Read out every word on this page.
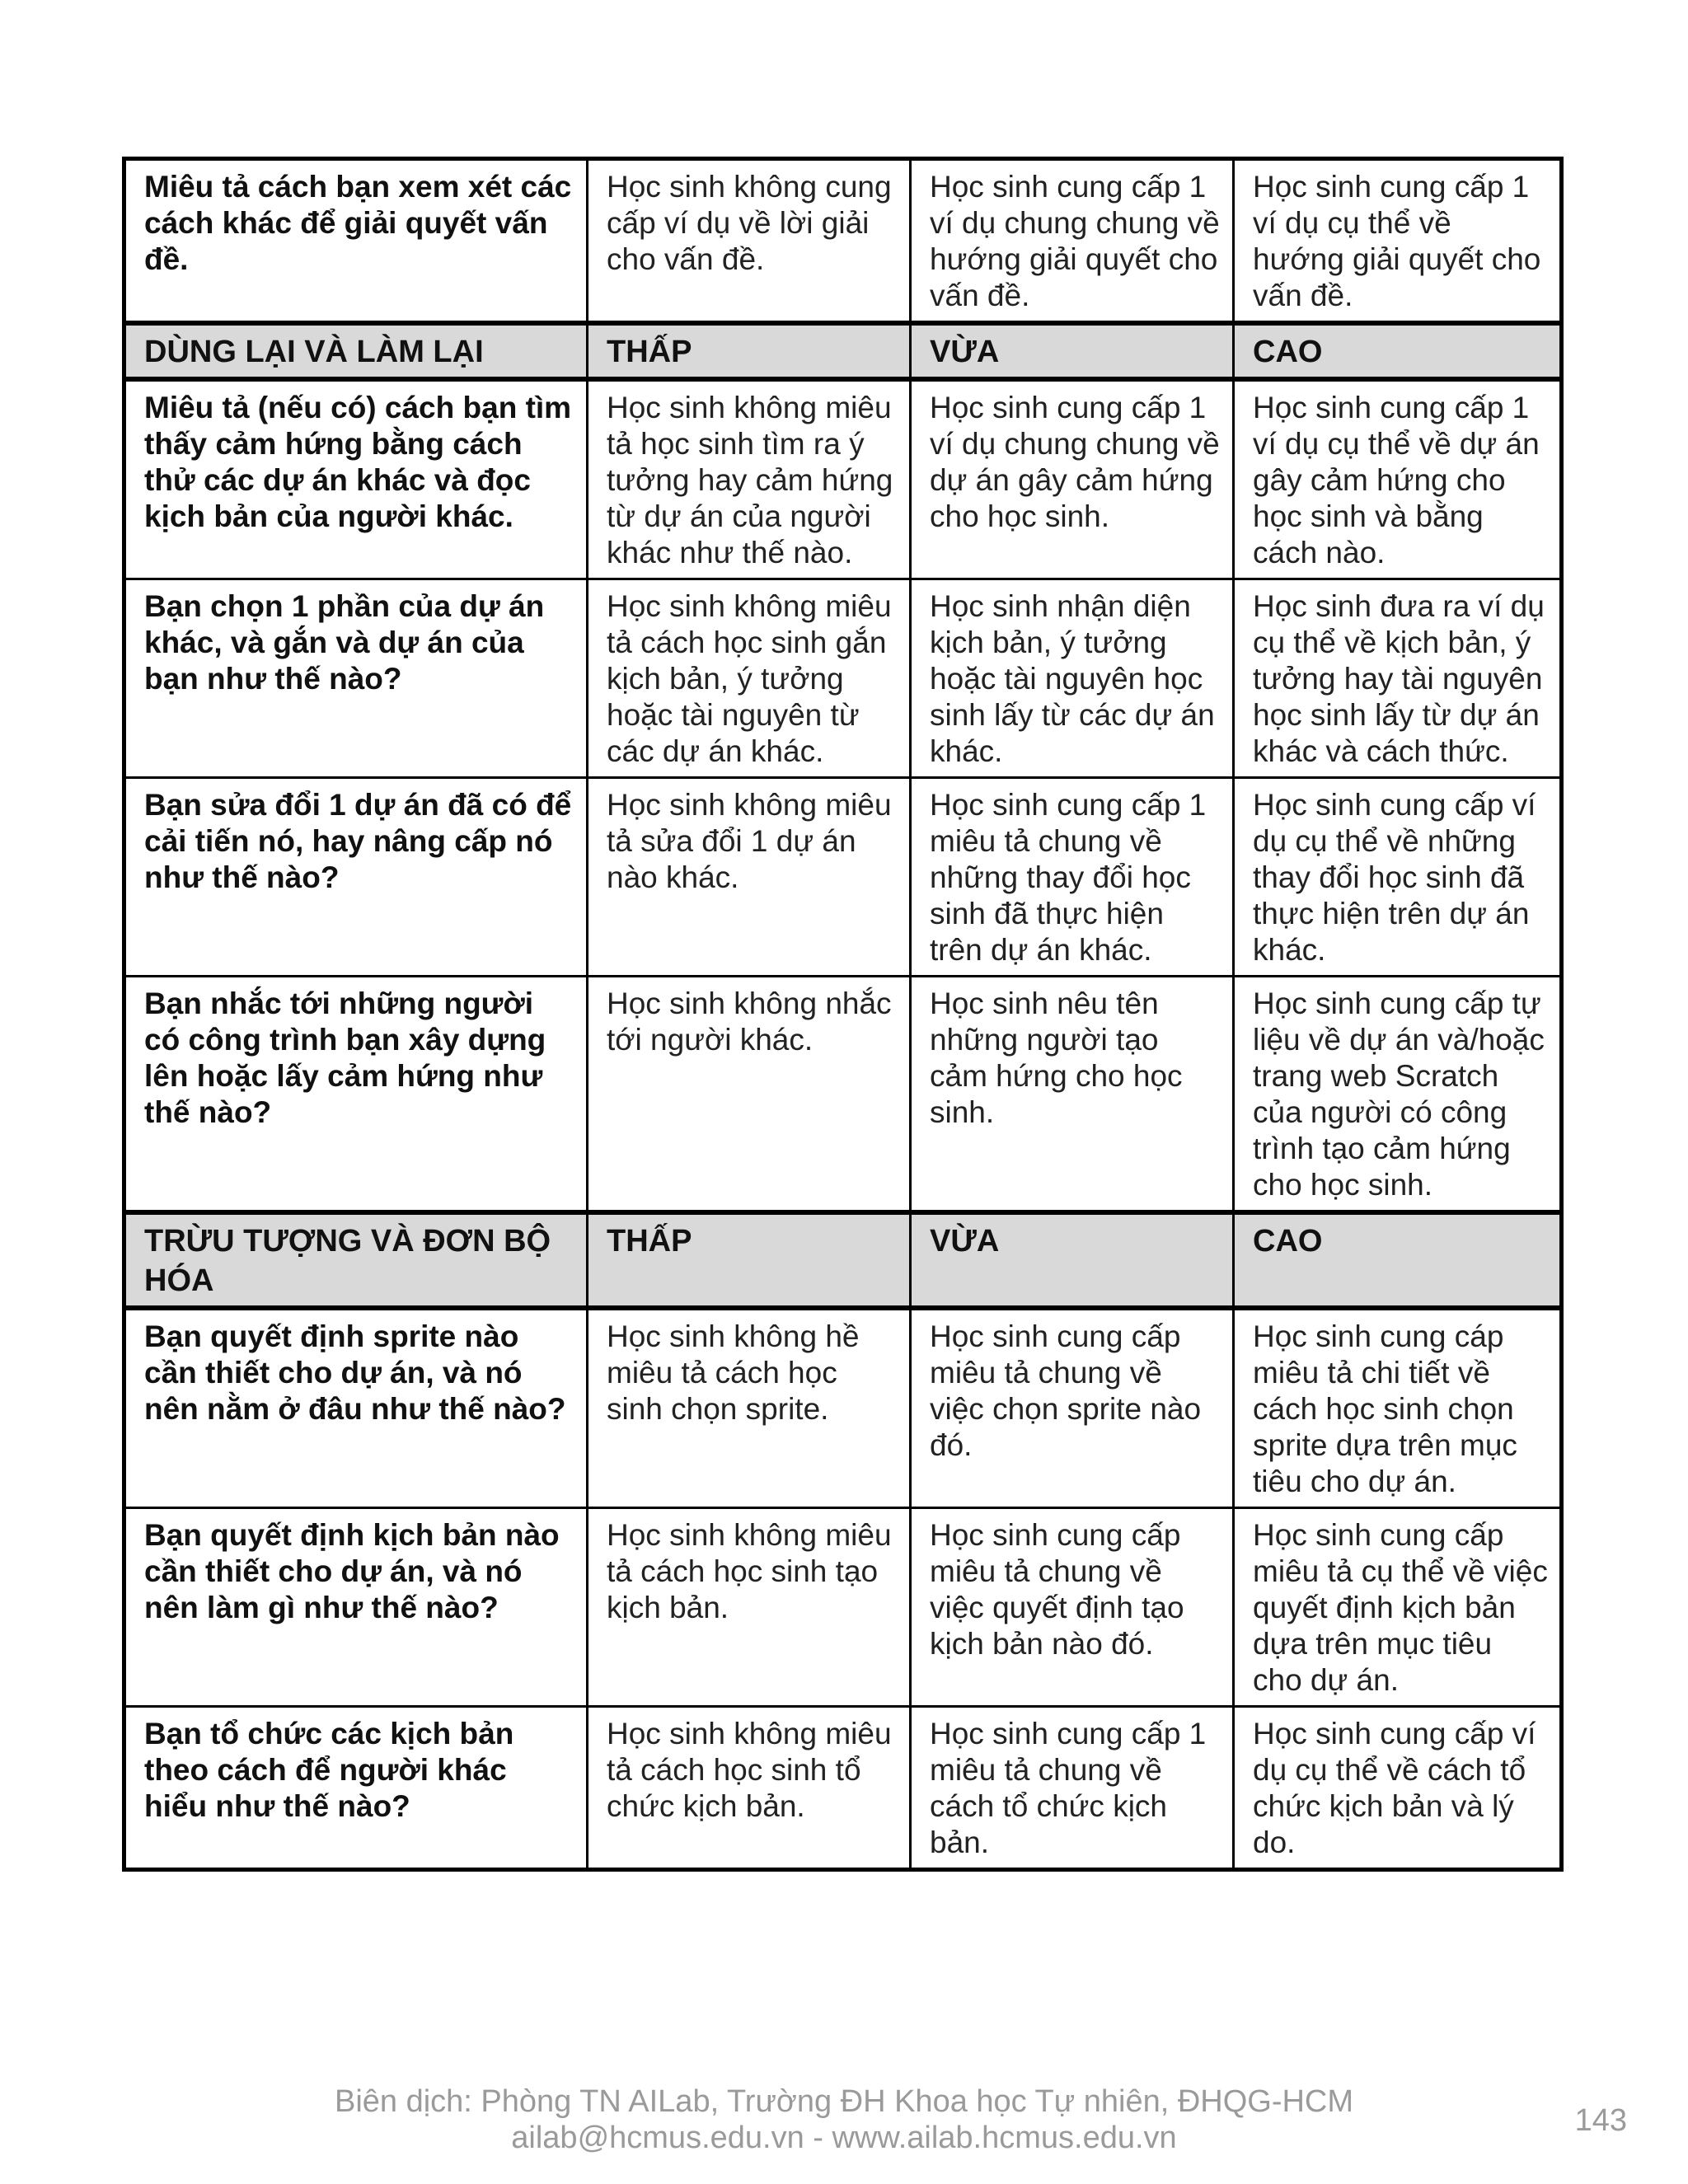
Miêu tả cách bạn xem xét các cách khác để giải quyết vấn đề.	Học sinh không cung cấp ví dụ về lời giải cho vấn đề.	Học sinh cung cấp 1 ví dụ chung chung về hướng giải quyết cho vấn đề.	Học sinh cung cấp 1 ví dụ cụ thể về hướng giải quyết cho vấn đề.
DÙNG LẠI VÀ LÀM LẠI	THẤP	VỪA	CAO
Miêu tả (nếu có) cách bạn tìm thấy cảm hứng bằng cách thử các dự án khác và đọc kịch bản của người khác.	Học sinh không miêu tả học sinh tìm ra ý tưởng hay cảm hứng từ dự án của người khác như thế nào.	Học sinh cung cấp 1 ví dụ chung chung về dự án gây cảm hứng cho học sinh.	Học sinh cung cấp 1 ví dụ cụ thể về dự án gây cảm hứng cho học sinh và bằng cách nào.
Bạn chọn 1 phần của dự án khác, và gắn và dự án của bạn như thế nào?	Học sinh không miêu tả cách học sinh gắn kịch bản, ý tưởng hoặc tài nguyên từ các dự án khác.	Học sinh nhận diện kịch bản, ý tưởng hoặc tài nguyên học sinh lấy từ các dự án khác.	Học sinh đưa ra ví dụ cụ thể về kịch bản, ý tưởng hay tài nguyên học sinh lấy từ dự án khác và cách thức.
Bạn sửa đổi 1 dự án đã có để cải tiến nó, hay nâng cấp nó như thế nào?	Học sinh không miêu tả sửa đổi 1 dự án nào khác.	Học sinh cung cấp 1 miêu tả chung về những thay đổi học sinh đã thực hiện trên dự án khác.	Học sinh cung cấp ví dụ cụ thể về những thay đổi học sinh đã thực hiện trên dự án khác.
Bạn nhắc tới những người có công trình bạn xây dựng lên hoặc lấy cảm hứng như thế nào?	Học sinh không nhắc tới người khác.	Học sinh nêu tên những người tạo cảm hứng cho học sinh.	Học sinh cung cấp tự liệu về dự án và/hoặc trang web Scratch của người có công trình tạo cảm hứng cho học sinh.
TRỪU TƯỢNG VÀ ĐƠN BỘ HÓA	THẤP	VỪA	CAO
Bạn quyết định sprite nào cần thiết cho dự án, và nó nên nằm ở đâu như thế nào?	Học sinh không hề miêu tả cách học sinh chọn sprite.	Học sinh cung cấp miêu tả chung về việc chọn sprite nào đó.	Học sinh cung cáp miêu tả chi tiết về cách học sinh chọn sprite dựa trên mục tiêu cho dự án.
Bạn quyết định kịch bản nào cần thiết cho dự án, và nó nên làm gì như thế nào?	Học sinh không miêu tả cách học sinh tạo kịch bản.	Học sinh cung cấp miêu tả chung về việc quyết định tạo kịch bản nào đó.	Học sinh cung cấp miêu tả cụ thể về việc quyết định kịch bản dựa trên mục tiêu cho dự án.
Bạn tổ chức các kịch bản theo cách để người khác hiểu như thế nào?	Học sinh không miêu tả cách học sinh tổ chức kịch bản.	Học sinh cung cấp 1 miêu tả chung về cách tổ chức kịch bản.	Học sinh cung cấp ví dụ cụ thể về cách tổ chức kịch bản và lý do.
Biên dịch: Phòng TN AILab, Trường ĐH Khoa học Tự nhiên, ĐHQG-HCM
ailab@hcmus.edu.vn - www.ailab.hcmus.edu.vn	143
